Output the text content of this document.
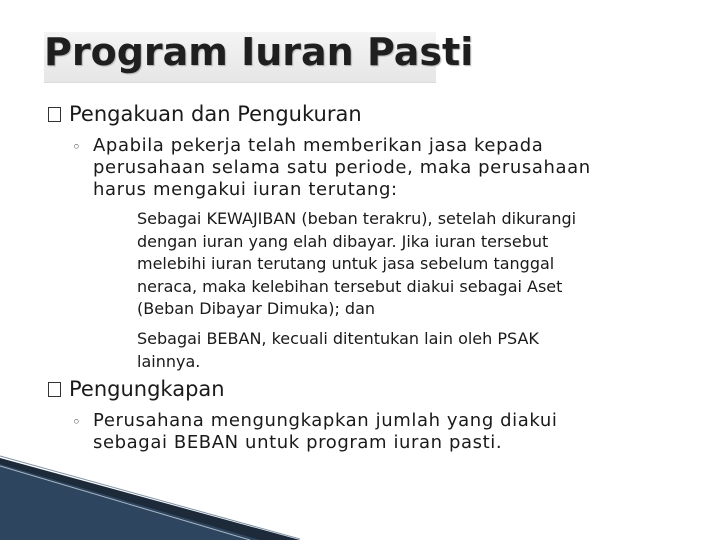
Program Iuran Pasti
Pengakuan dan Pengukuran
◦ Apabila pekerja telah memberikan jasa kepada
perusahaan selama satu periode, maka perusahaan
harus mengakui iuran terutang:
Sebagai KEWAJIBAN (beban terakru), setelah dikurangi
dengan iuran yang elah dibayar. Jika iuran tersebut
melebihi iuran terutang untuk jasa sebelum tanggal
neraca, maka kelebihan tersebut diakui sebagai Aset
(Beban Dibayar Dimuka); dan
Sebagai BEBAN, kecuali ditentukan lain oleh PSAK
lainnya.
Pengungkapan
◦ Perusahana mengungkapkan jumlah yang diakui
sebagai BEBAN untuk program iuran pasti.
